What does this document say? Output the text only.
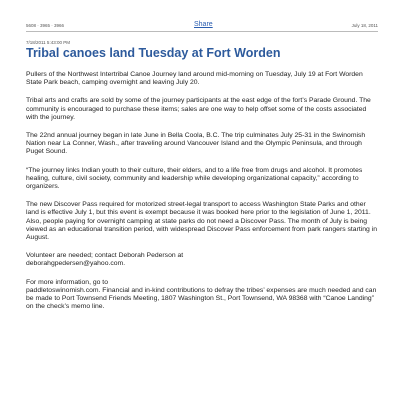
5608 · 3965 · 3966	Share	July 18, 2011
7/18/2011 5:43:00 PM
Tribal canoes land Tuesday at Fort Worden

Pullers of the Northwest Intertribal Canoe Journey land around mid-morning on Tuesday, July 19 at Fort Worden State Park beach, camping overnight and leaving July 20.

Tribal arts and crafts are sold by some of the journey participants at the east edge of the fort’s Parade Ground. The community is encouraged to purchase these items; sales are one way to help offset some of the costs associated with the journey.

The 22nd annual journey began in late June in Bella Coola, B.C. The trip culminates July 25-31 in the Swinomish Nation near La Conner, Wash., after traveling around Vancouver Island and the Olympic Peninsula, and through Puget Sound.

“The journey links Indian youth to their culture, their elders, and to a life free from drugs and alcohol. It promotes healing, culture, civil society, community and leadership while developing organizational capacity,” according to organizers.

The new Discover Pass required for motorized street-legal transport to access Washington State Parks and other land is effective July 1, but this event is exempt because it was booked here prior to the legislation of June 1, 2011. Also, people paying for overnight camping at state parks do not need a Discover Pass. The month of July is being viewed as an educational transition period, with widespread Discover Pass enforcement from park rangers starting in August.

Volunteer are needed; contact Deborah Pederson at

deborahgpedersen@yahoo.com.

For more information, go to

paddletoswinomish.com. Financial and in-kind contributions to defray the tribes’ expenses are much needed and can be made to Port Townsend Friends Meeting, 1807 Washington St., Port Townsend, WA 98368 with “Canoe Landing” on the check’s memo line.
